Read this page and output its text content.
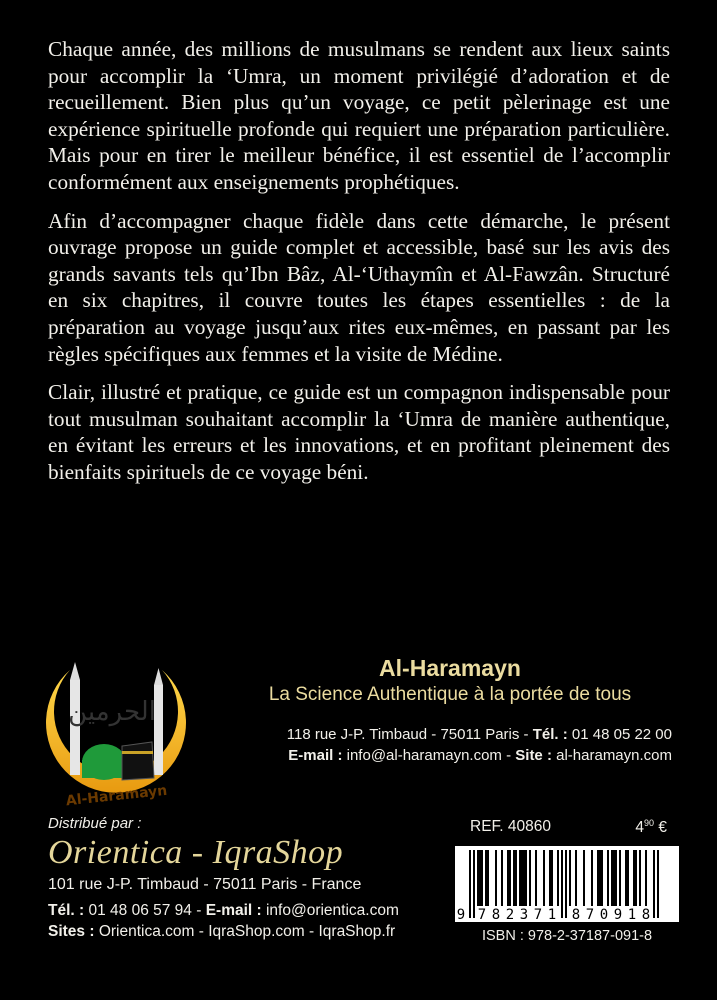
Chaque année, des millions de musulmans se rendent aux lieux saints pour accomplir la ‘Umra, un moment privilégié d’adoration et de recueillement. Bien plus qu’un voyage, ce petit pèlerinage est une expérience spirituelle profonde qui requiert une préparation particulière. Mais pour en tirer le meilleur bénéfice, il est essentiel de l’accomplir conformément aux enseignements prophétiques.

Afin d’accompagner chaque fidèle dans cette démarche, le présent ouvrage propose un guide complet et accessible, basé sur les avis des grands savants tels qu’Ibn Bâz, Al-‘Uthaymîn et Al-Fawzân. Structuré en six chapitres, il couvre toutes les étapes essentielles : de la préparation au voyage jusqu’aux rites eux-mêmes, en passant par les règles spécifiques aux femmes et la visite de Médine.

Clair, illustré et pratique, ce guide est un compagnon indispensable pour tout musulman souhaitant accomplir la ‘Umra de manière authentique, en évitant les erreurs et les innovations, et en profitant pleinement des bienfaits spirituels de ce voyage béni.

الحرمين
Al-Haramayn
Al-Haramayn
La Science Authentique à la portée de tous
118 rue J-P. Timbaud - 75011 Paris - Tél. : 01 48 05 22 00
E-mail : info@al-haramayn.com - Site : al-haramayn.com
Distribué par :
Orientica - IqraShop
101 rue J-P. Timbaud - 75011 Paris - France
Tél. : 01 48 06 57 94 - E-mail : info@orientica.com
Sites : Orientica.com - IqraShop.com - IqraShop.fr
REF. 40860	$4^{90}$ €
9 7 8 2 3 7 1 8 7 0 9 1 8
ISBN : 978-2-37187-091-8
